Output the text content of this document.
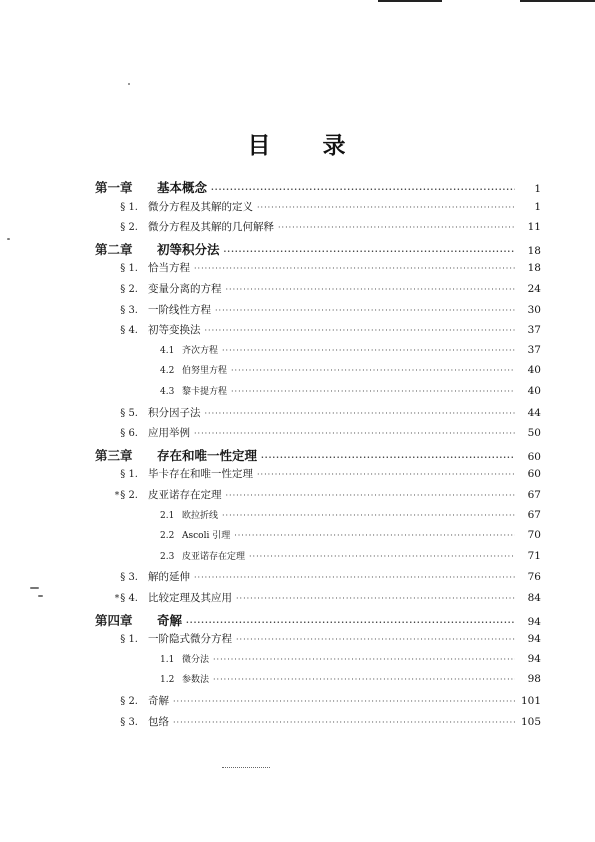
目 录
第一章	基本概念 ·····	1
§ 1. 微分方程及其解的定义 ·····	1
§ 2. 微分方程及其解的几何解释 ·····	11
第二章	初等积分法 ·····	18
§ 1. 恰当方程 ·····	18
§ 2. 变量分离的方程 ·····	24
§ 3. 一阶线性方程 ·····	30
§ 4. 初等变换法 ·····	37
4.1 齐次方程 ·····	37
4.2 伯努里方程 ·····	40
4.3 黎卡提方程 ·····	40
§ 5. 积分因子法 ·····	44
§ 6. 应用举例 ·····	50
第三章	存在和唯一性定理 ·····	60
§ 1. 毕卡存在和唯一性定理 ·····	60
*§ 2. 皮亚诺存在定理 ·····	67
2.1 欧拉折线 ·····	67
2.2 Ascoli 引理 ·····	70
2.3 皮亚诺存在定理 ·····	71
§ 3. 解的延伸 ·····	76
*§ 4. 比较定理及其应用 ·····	84
第四章	奇解 ·····	94
§ 1. 一阶隐式微分方程 ·····	94
1.1 微分法 ·····	94
1.2 参数法 ·····	98
§ 2. 奇解 ·····	101
§ 3. 包络 ·····	105
